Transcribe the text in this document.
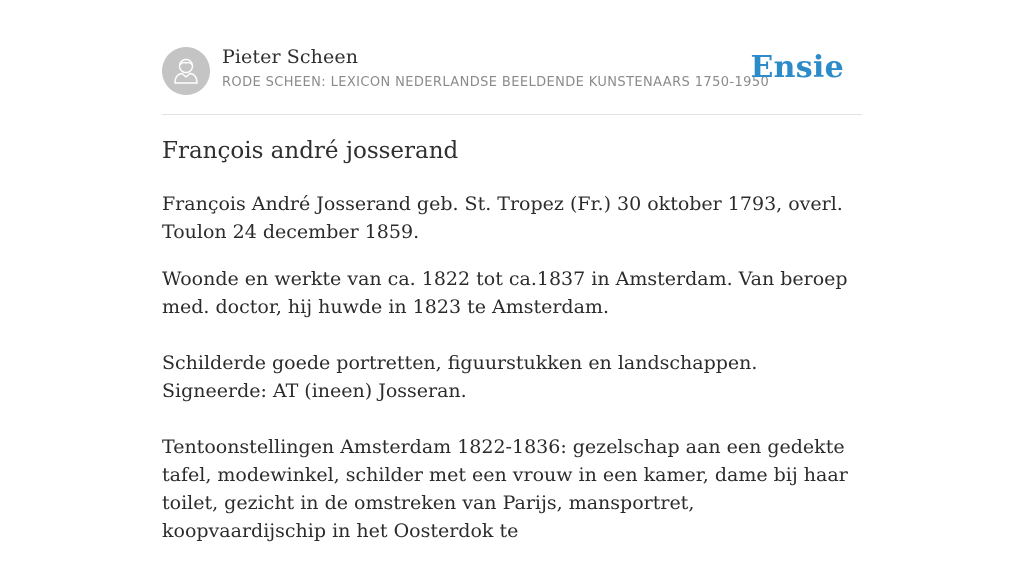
Pieter Scheen
RODE SCHEEN: LEXICON NEDERLANDSE BEELDENDE KUNSTENAARS 1750-1950
Ensie
François andré josserand

François André Josserand geb. St. Tropez (Fr.) 30 oktober 1793, overl. Toulon 24 december 1859.

Woonde en werkte van ca. 1822 tot ca.1837 in Amsterdam. Van beroep med. doctor, hij huwde in 1823 te Amsterdam.

Schilderde goede portretten, figuurstukken en landschappen. Signeerde: AT (ineen) Josseran.

Tentoonstellingen Amsterdam 1822-1836: gezelschap aan een gedekte tafel, modewinkel, schilder met een vrouw in een kamer, dame bij haar toilet, gezicht in de omstreken van Parijs, mansportret, koopvaardijschip in het Oosterdok te
